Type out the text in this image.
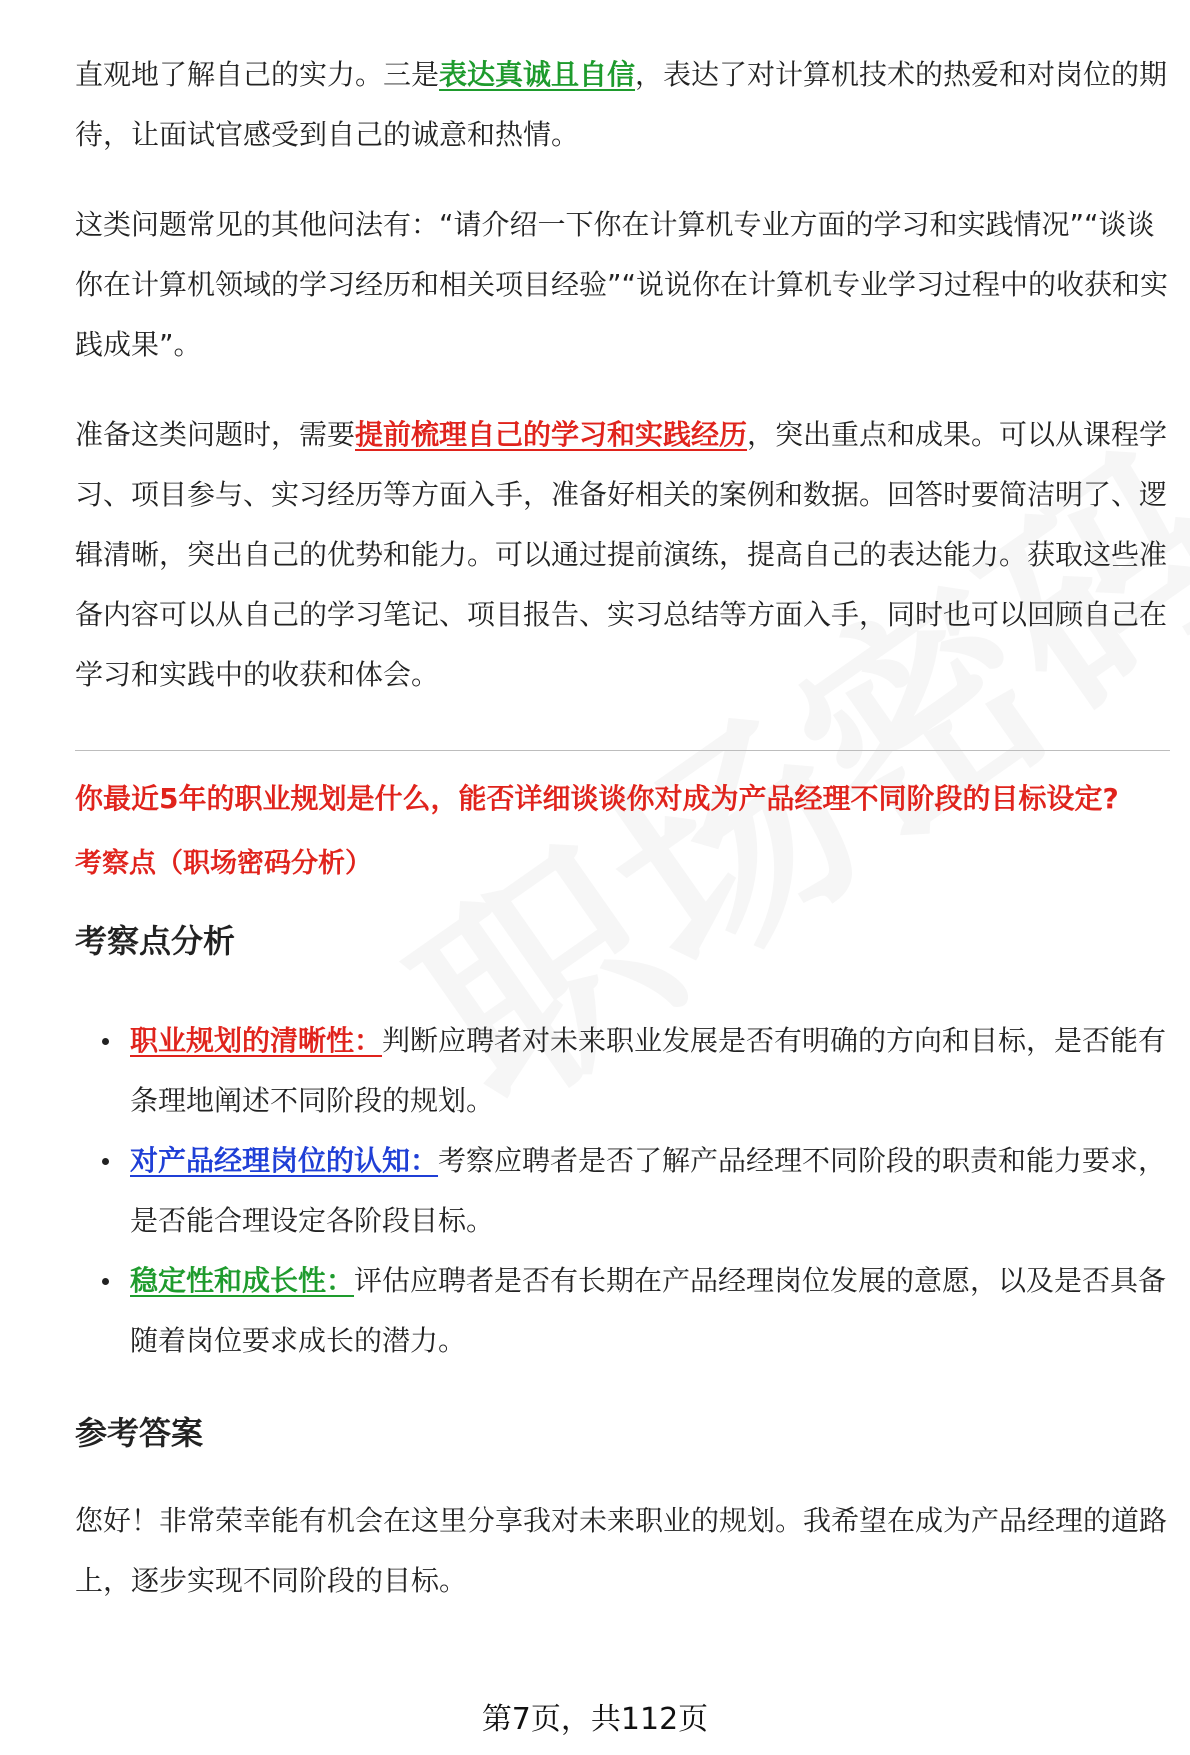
直观地了解自己的实力。三是表达真诚且自信，表达了对计算机技术的热爱和对岗位的期待，让面试官感受到自己的诚意和热情。

这类问题常见的其他问法有：“请介绍一下你在计算机专业方面的学习和实践情况”“谈谈你在计算机领域的学习经历和相关项目经验”“说说你在计算机专业学习过程中的收获和实践成果”。

准备这类问题时，需要提前梳理自己的学习和实践经历，突出重点和成果。可以从课程学习、项目参与、实习经历等方面入手，准备好相关的案例和数据。回答时要简洁明了、逻辑清晰，突出自己的优势和能力。可以通过提前演练，提高自己的表达能力。获取这些准备内容可以从自己的学习笔记、项目报告、实习总结等方面入手，同时也可以回顾自己在学习和实践中的收获和体会。

你最近5年的职业规划是什么，能否详细谈谈你对成为产品经理不同阶段的目标设定?

考察点（职场密码分析）

考察点分析
职业规划的清晰性：判断应聘者对未来职业发展是否有明确的方向和目标，是否能有条理地阐述不同阶段的规划。
对产品经理岗位的认知：考察应聘者是否了解产品经理不同阶段的职责和能力要求，是否能合理设定各阶段目标。
稳定性和成长性：评估应聘者是否有长期在产品经理岗位发展的意愿，以及是否具备随着岗位要求成长的潜力。
参考答案

您好！非常荣幸能有机会在这里分享我对未来职业的规划。我希望在成为产品经理的道路上，逐步实现不同阶段的目标。

第7页，共112页
